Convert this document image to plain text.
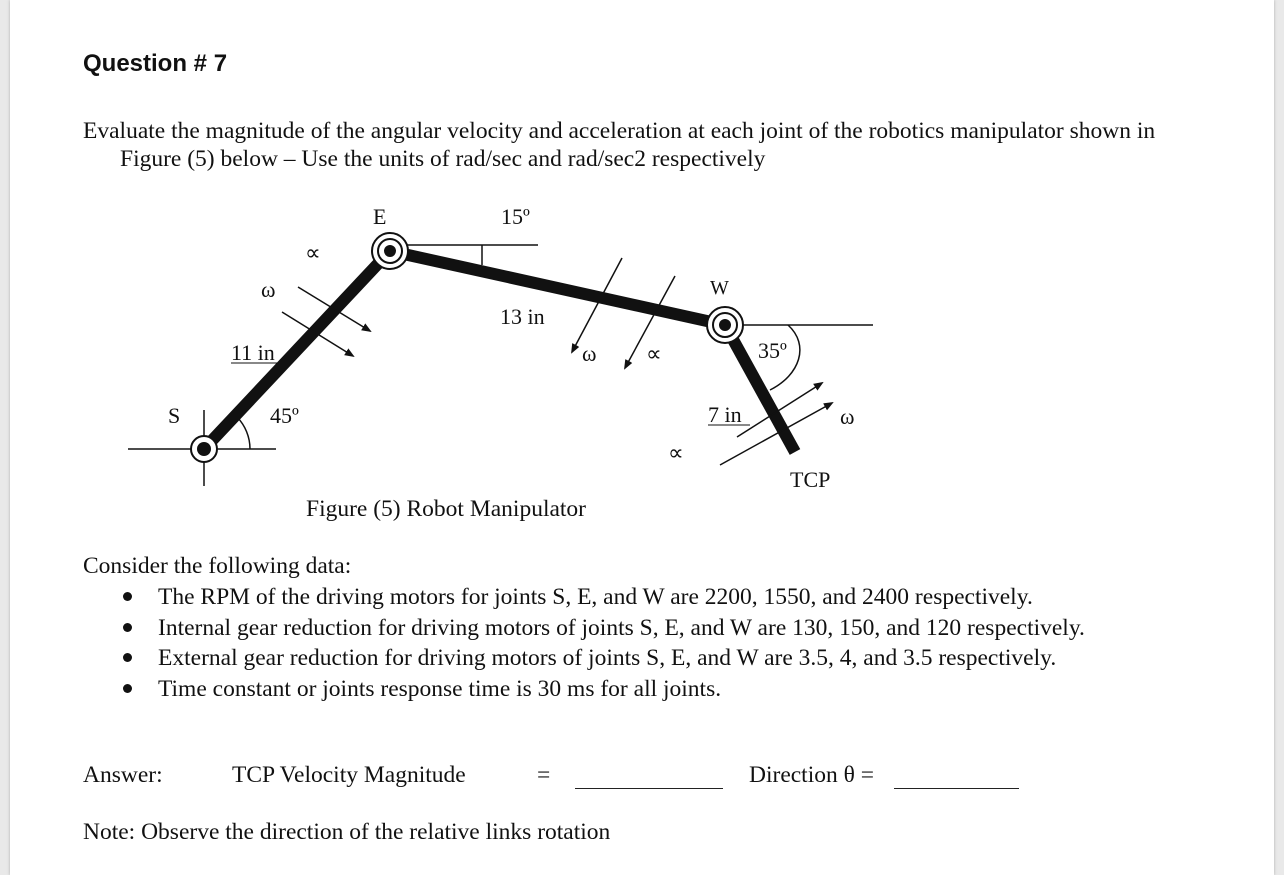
Question # 7
Evaluate the magnitude of the angular velocity and acceleration at each joint of the robotics manipulator shown in
Figure (5) below – Use the units of rad/sec and rad/sec2 respectively
S
E
W
TCP
11 in
13 in
7 in
45º
15º
35º
ω
∝
ω ∝
ω
∝
Figure (5) Robot Manipulator
Consider the following data:
The RPM of the driving motors for joints S, E, and W are 2200, 1550, and 2400 respectively.
Internal gear reduction for driving motors of joints S, E, and W are 130, 150, and 120 respectively.
External gear reduction for driving motors of joints S, E, and W are 3.5, 4, and 3.5 respectively.
Time constant or joints response time is 30 ms for all joints.
Answer:	TCP Velocity Magnitude	=	Direction θ =
Note: Observe the direction of the relative links rotation
